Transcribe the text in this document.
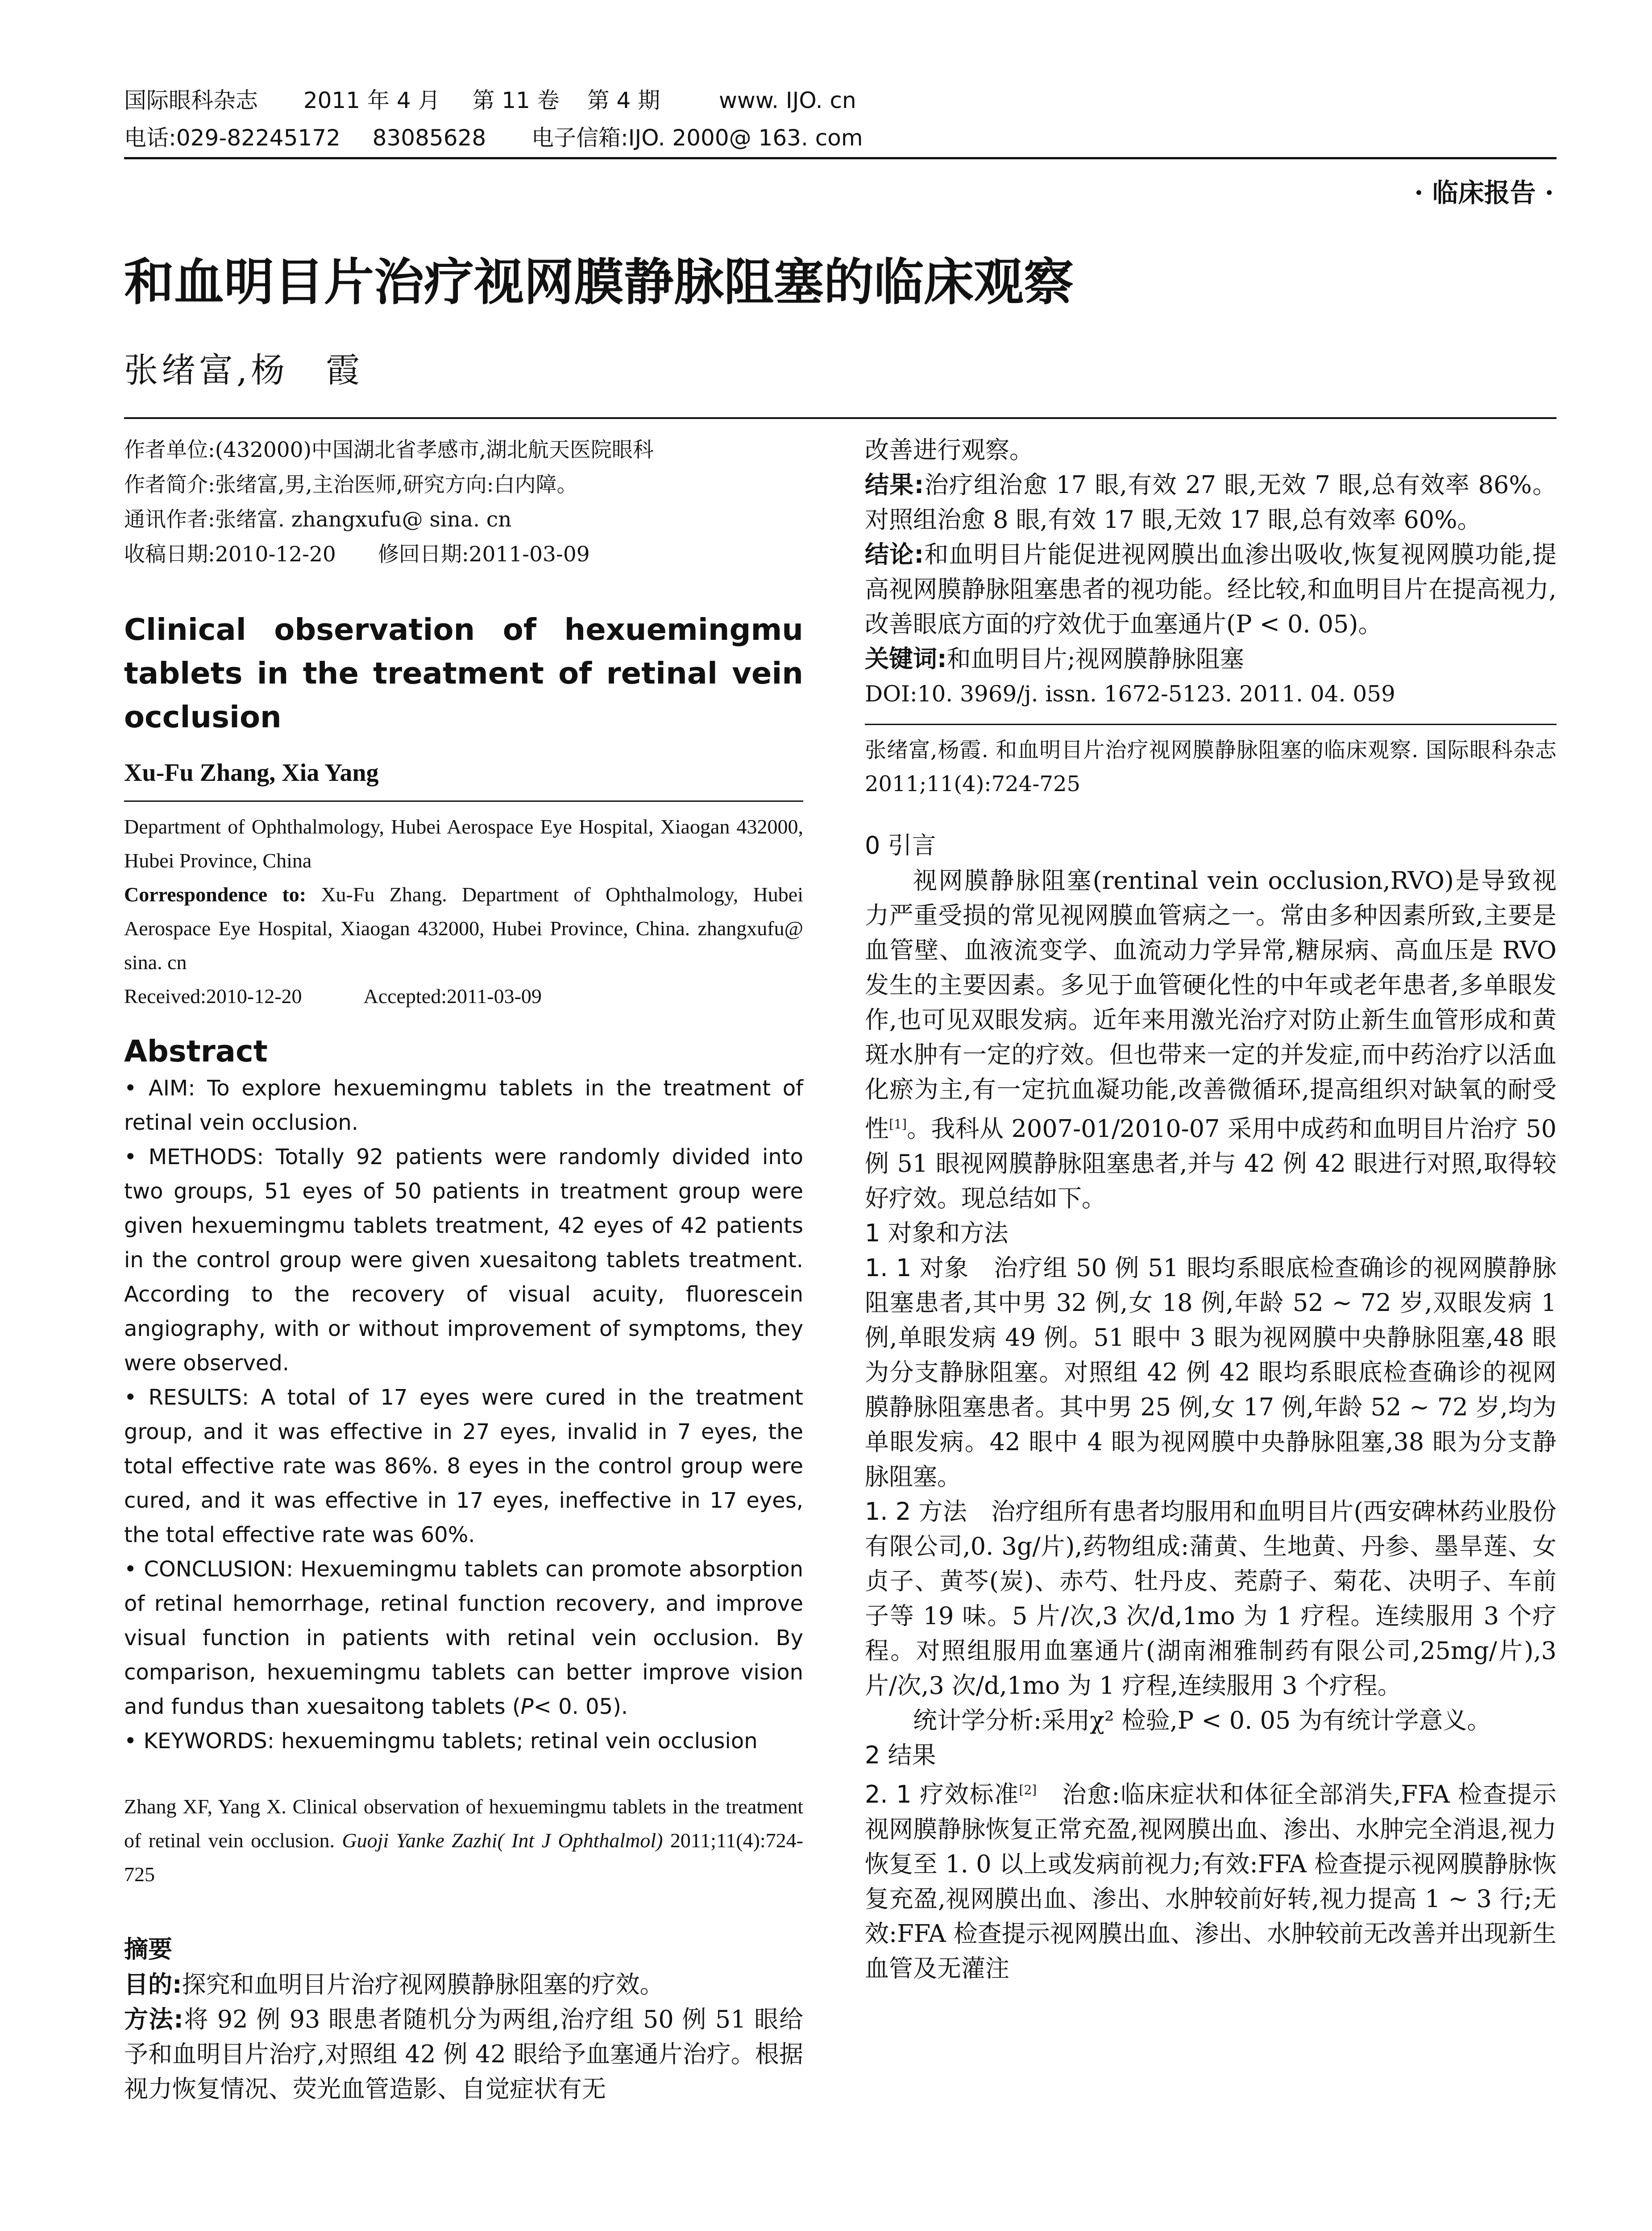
国际眼科杂志 2011 年 4 月 第 11 卷 第 4 期	www. IJO. cn
电话:029-82245172 83085628 电子信箱:IJO. 2000@ 163. com
· 临床报告 ·
和血明目片治疗视网膜静脉阻塞的临床观察
张绪富,杨　霞
作者单位:(432000)中国湖北省孝感市,湖北航天医院眼科
作者简介:张绪富,男,主治医师,研究方向:白内障。
通讯作者:张绪富. zhangxufu@ sina. cn
收稿日期:2010-12-20　　修回日期:2011-03-09
Clinical observation of hexuemingmu tablets in the treatment of retinal vein occlusion
Xu-Fu Zhang, Xia Yang
Department of Ophthalmology, Hubei Aerospace Eye Hospital, Xiaogan 432000, Hubei Province, China
Correspondence to: Xu-Fu Zhang. Department of Ophthalmology, Hubei Aerospace Eye Hospital, Xiaogan 432000, Hubei Province, China. zhangxufu@ sina. cn
Received:2010-12-20　　　Accepted:2011-03-09
Abstract

• AIM: To explore hexuemingmu tablets in the treatment of retinal vein occlusion.

• METHODS: Totally 92 patients were randomly divided into two groups, 51 eyes of 50 patients in treatment group were given hexuemingmu tablets treatment, 42 eyes of 42 patients in the control group were given xuesaitong tablets treatment. According to the recovery of visual acuity, fluorescein angiography, with or without improvement of symptoms, they were observed.

• RESULTS: A total of 17 eyes were cured in the treatment group, and it was effective in 27 eyes, invalid in 7 eyes, the total effective rate was 86%. 8 eyes in the control group were cured, and it was effective in 17 eyes, ineffective in 17 eyes, the total effective rate was 60%.

• CONCLUSION: Hexuemingmu tablets can promote absorption of retinal hemorrhage, retinal function recovery, and improve visual function in patients with retinal vein occlusion. By comparison, hexuemingmu tablets can better improve vision and fundus than xuesaitong tablets (P< 0. 05).

• KEYWORDS: hexuemingmu tablets; retinal vein occlusion

Zhang XF, Yang X. Clinical observation of hexuemingmu tablets in the treatment of retinal vein occlusion. Guoji Yanke Zazhi( Int J Ophthalmol) 2011;11(4):724-725
摘要

目的:探究和血明目片治疗视网膜静脉阻塞的疗效。

方法:将 92 例 93 眼患者随机分为两组,治疗组 50 例 51 眼给予和血明目片治疗,对照组 42 例 42 眼给予血塞通片治疗。根据视力恢复情况、荧光血管造影、自觉症状有无

改善进行观察。

结果:治疗组治愈 17 眼,有效 27 眼,无效 7 眼,总有效率 86%。对照组治愈 8 眼,有效 17 眼,无效 17 眼,总有效率 60%。

结论:和血明目片能促进视网膜出血渗出吸收,恢复视网膜功能,提高视网膜静脉阻塞患者的视功能。经比较,和血明目片在提高视力,改善眼底方面的疗效优于血塞通片(P < 0. 05)。

关键词:和血明目片;视网膜静脉阻塞

DOI:10. 3969/j. issn. 1672-5123. 2011. 04. 059

张绪富,杨霞. 和血明目片治疗视网膜静脉阻塞的临床观察. 国际眼科杂志 2011;11(4):724-725

0 引言

视网膜静脉阻塞(rentinal vein occlusion,RVO)是导致视力严重受损的常见视网膜血管病之一。常由多种因素所致,主要是血管壁、血液流变学、血流动力学异常,糖尿病、高血压是 RVO 发生的主要因素。多见于血管硬化性的中年或老年患者,多单眼发作,也可见双眼发病。近年来用激光治疗对防止新生血管形成和黄斑水肿有一定的疗效。但也带来一定的并发症,而中药治疗以活血化瘀为主,有一定抗血凝功能,改善微循环,提高组织对缺氧的耐受性[1]。我科从 2007-01/2010-07 采用中成药和血明目片治疗 50 例 51 眼视网膜静脉阻塞患者,并与 42 例 42 眼进行对照,取得较好疗效。现总结如下。

1 对象和方法

1. 1 对象　治疗组 50 例 51 眼均系眼底检查确诊的视网膜静脉阻塞患者,其中男 32 例,女 18 例,年龄 52 ~ 72 岁,双眼发病 1 例,单眼发病 49 例。51 眼中 3 眼为视网膜中央静脉阻塞,48 眼为分支静脉阻塞。对照组 42 例 42 眼均系眼底检查确诊的视网膜静脉阻塞患者。其中男 25 例,女 17 例,年龄 52 ~ 72 岁,均为单眼发病。42 眼中 4 眼为视网膜中央静脉阻塞,38 眼为分支静脉阻塞。

1. 2 方法　治疗组所有患者均服用和血明目片(西安碑林药业股份有限公司,0. 3g/片),药物组成:蒲黄、生地黄、丹参、墨旱莲、女贞子、黄芩(炭)、赤芍、牡丹皮、茺蔚子、菊花、决明子、车前子等 19 味。5 片/次,3 次/d,1mo 为 1 疗程。连续服用 3 个疗程。对照组服用血塞通片(湖南湘雅制药有限公司,25mg/片),3 片/次,3 次/d,1mo 为 1 疗程,连续服用 3 个疗程。

统计学分析:采用χ² 检验,P < 0. 05 为有统计学意义。

2 结果

2. 1 疗效标准[2]　治愈:临床症状和体征全部消失,FFA 检查提示视网膜静脉恢复正常充盈,视网膜出血、渗出、水肿完全消退,视力恢复至 1. 0 以上或发病前视力;有效:FFA 检查提示视网膜静脉恢复充盈,视网膜出血、渗出、水肿较前好转,视力提高 1 ~ 3 行;无效:FFA 检查提示视网膜出血、渗出、水肿较前无改善并出现新生血管及无灌注
